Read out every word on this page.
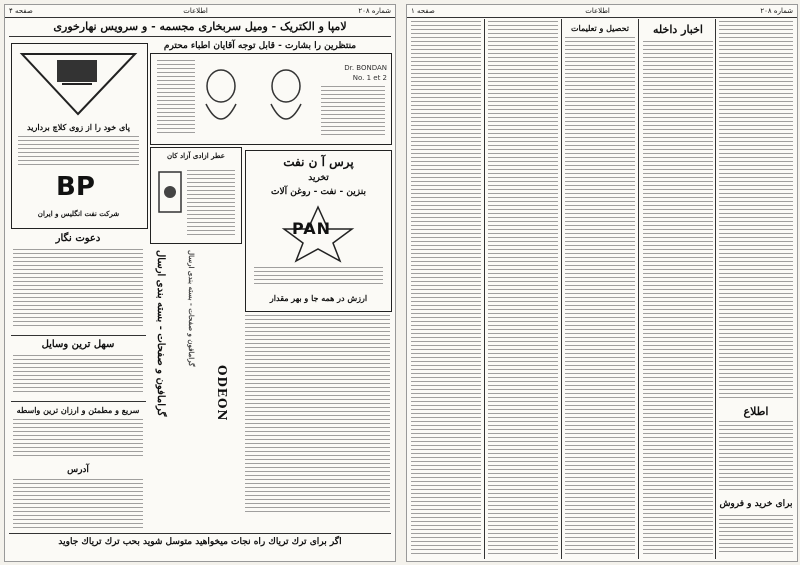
شماره ۲۰۸
اطلاعات
صفحه ۴
لامپا و الکتریک - ومیل سربخاری مجسمه - و سرویس نهارخوری
منتظرین را بشارت - قابل توجه آقایان اطباء محترم
پای خود را از زوی کلاچ بردارید
BP
شرکت نفت انگلیس و ایران
Dr. BONDAN
No. 1 et 2
عطر ازادی آزاد کان	پرس آ ن نفت
تخرید
بنزین - نفت - روغن آلات
PAN
ارزش در همه جا و بهر مقدار
دعوت نگار
سهل ترین وسایل
سریع و مطمئن و ارزان ترین واسطه
آدرس
گرامافون و صفحات - بسته بندی ارسال	گرامافون و صفحات - بسته بندی ارسال
ODEON
اگر برای ترك تریاك راه نجات میخواهید متوسل شوید بحب ترك تریاك جاوید
شماره ۲۰۸
اطلاعات
صفحه ۱
اطلاع
برای خرید و فروش
اخبار داخله
تحصیل و تعلیمات
